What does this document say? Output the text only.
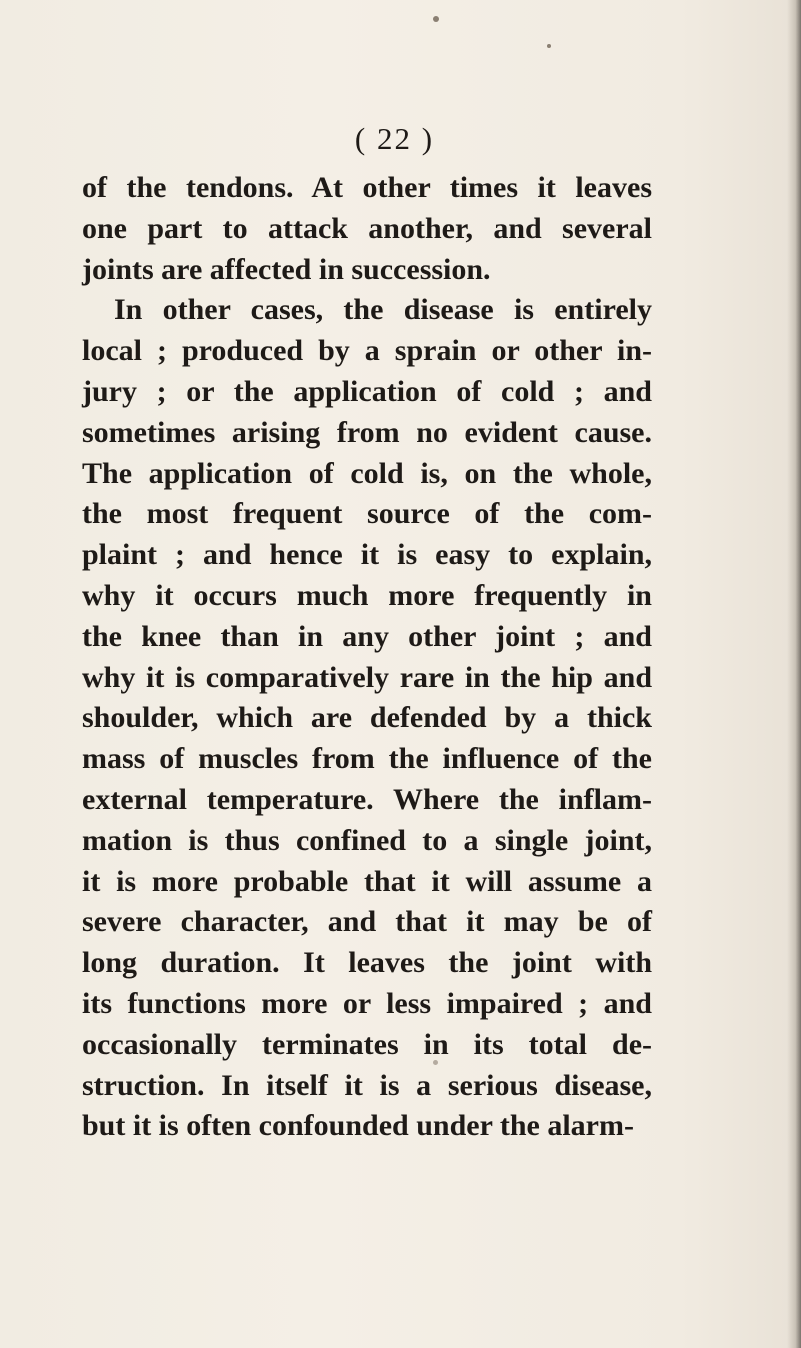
( 22 )
of the tendons. At other times it leaves
one part to attack another, and several
joints are affected in succession.
In other cases, the disease is entirely
local ; produced by a sprain or other in-
jury ; or the application of cold ; and
sometimes arising from no evident cause.
The application of cold is, on the whole,
the most frequent source of the com-
plaint ; and hence it is easy to explain,
why it occurs much more frequently in
the knee than in any other joint ; and
why it is comparatively rare in the hip and
shoulder, which are defended by a thick
mass of muscles from the influence of the
external temperature. Where the inflam-
mation is thus confined to a single joint,
it is more probable that it will assume a
severe character, and that it may be of
long duration. It leaves the joint with
its functions more or less impaired ; and
occasionally terminates in its total de-
struction. In itself it is a serious disease,
but it is often confounded under the alarm-
